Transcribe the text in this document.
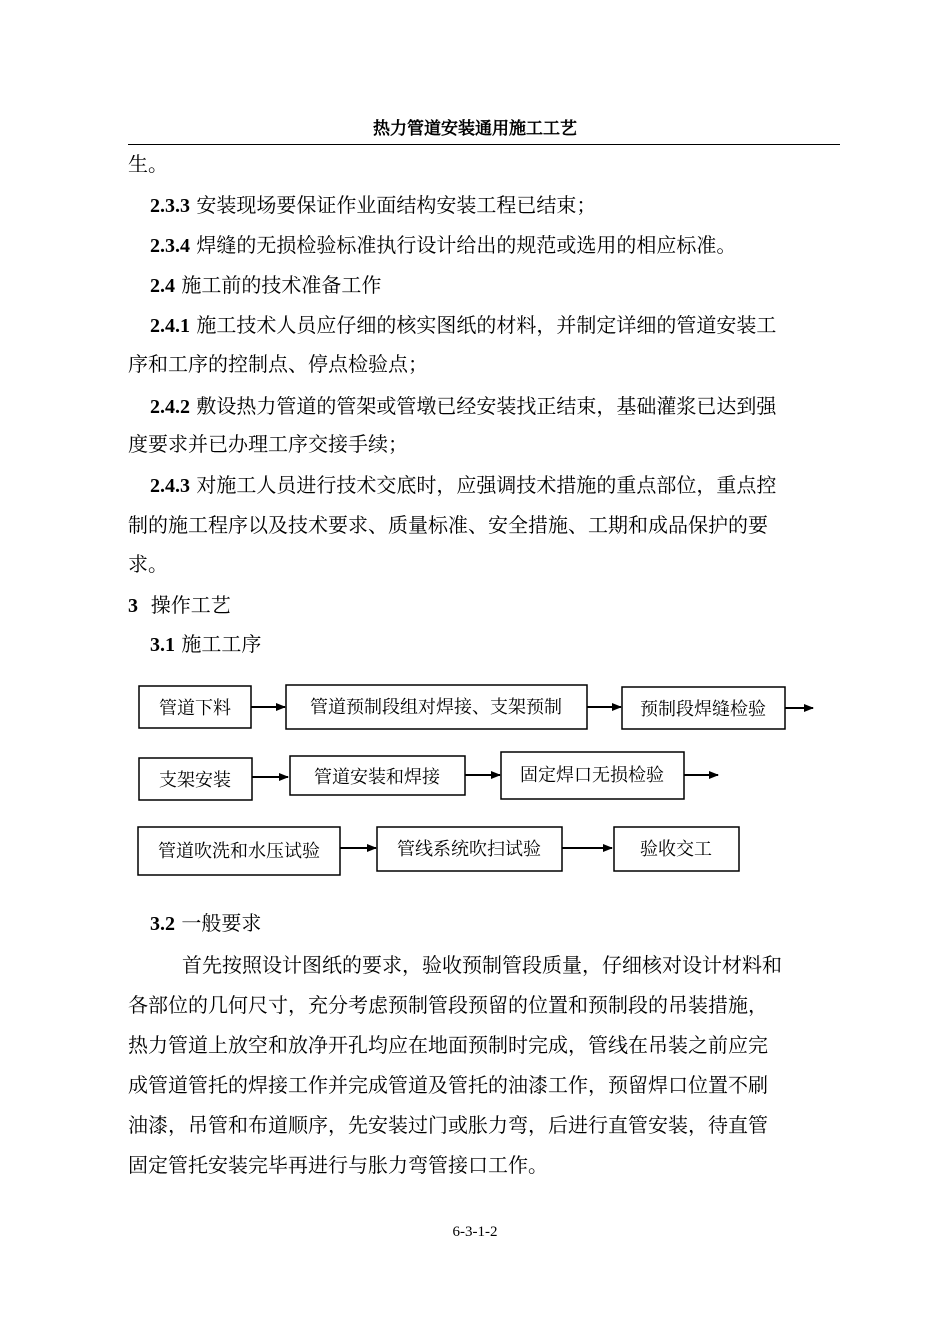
热力管道安装通用施工工艺
生。
2.3.3 安装现场要保证作业面结构安装工程已结束；
2.3.4 焊缝的无损检验标准执行设计给出的规范或选用的相应标准。
2.4 施工前的技术准备工作
2.4.1 施工技术人员应仔细的核实图纸的材料，并制定详细的管道安装工
序和工序的控制点、停点检验点；
2.4.2 敷设热力管道的管架或管墩已经安装找正结束，基础灌浆已达到强
度要求并已办理工序交接手续；
2.4.3 对施工人员进行技术交底时，应强调技术措施的重点部位，重点控
制的施工程序以及技术要求、质量标准、安全措施、工期和成品保护的要
求。
3  操作工艺
3.1 施工工序
3.2 一般要求
首先按照设计图纸的要求，验收预制管段质量，仔细核对设计材料和
各部位的几何尺寸，充分考虑预制管段预留的位置和预制段的吊装措施，
热力管道上放空和放净开孔均应在地面预制时完成，管线在吊装之前应完
成管道管托的焊接工作并完成管道及管托的油漆工作，预留焊口位置不刷
油漆，吊管和布道顺序，先安装过门或胀力弯，后进行直管安装，待直管
固定管托安装完毕再进行与胀力弯管接口工作。
管道下料	管道预制段组对焊接、支架预制	预制段焊缝检验
支架安装	管道安装和焊接	固定焊口无损检验
管道吹洗和水压试验	管线系统吹扫试验	验收交工
6-3-1-2
